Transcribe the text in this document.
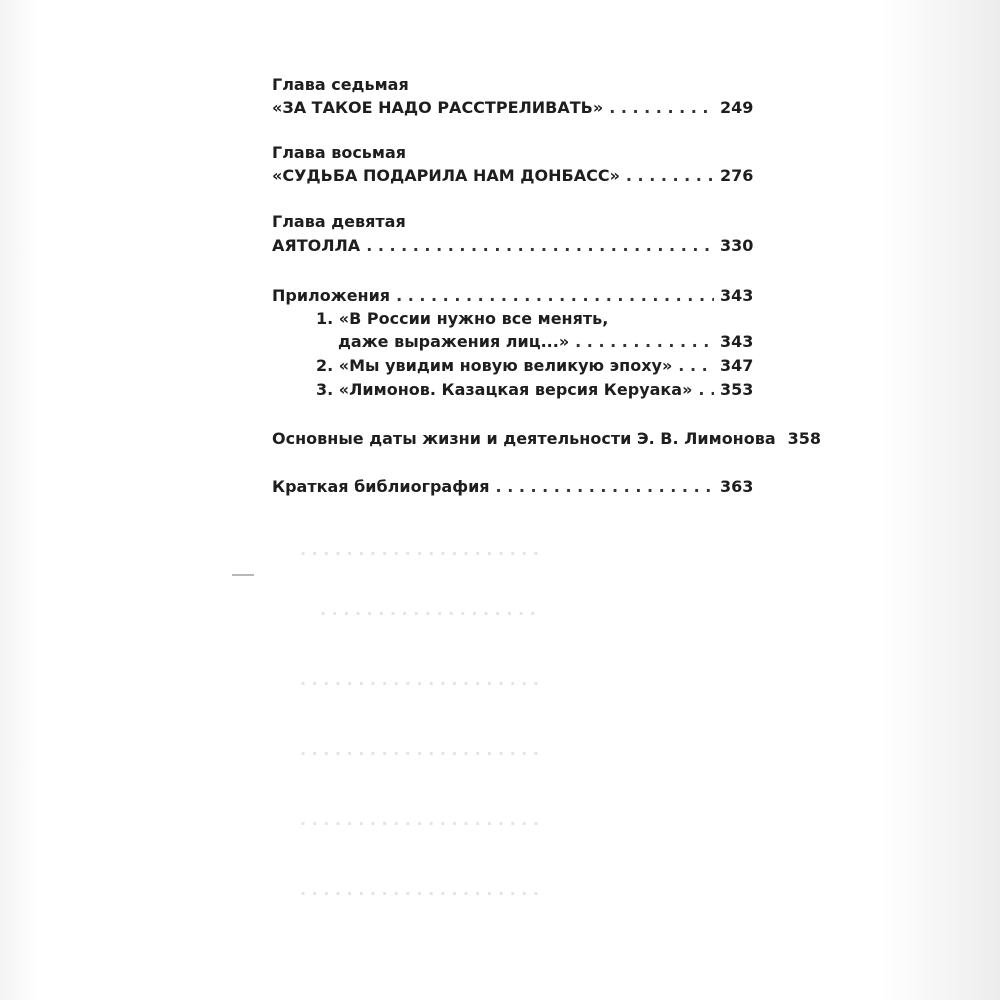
. . . . . . . . . . . . . . . . . . . . .
. . . . . . . . . . . . . . . . . . .
. . . . . . . . . . . . . . . . . . . . .
. . . . . . . . . . . . . . . . . . . . .
. . . . . . . . . . . . . . . . . . . . .
. . . . . . . . . . . . . . . . . . . . .
Глава седьмая
«ЗА ТАКОЕ НАДО РАССТРЕЛИВАТЬ» . . .	249
Глава восьмая
«СУДЬБА ПОДАРИЛА НАМ ДОНБАСС» . . .	276
Глава девятая
АЯТОЛЛА . . .	330
Приложения . . .	343
1. «В России нужно все менять,
даже выражения лиц...» . . .	343
2. «Мы увидим новую великую эпоху» . . .	347
3. «Лимонов. Казацкая версия Керуака» . . . 353
Основные даты жизни и деятельности Э. В. Лимонова 358
Краткая библиография . . .	363
